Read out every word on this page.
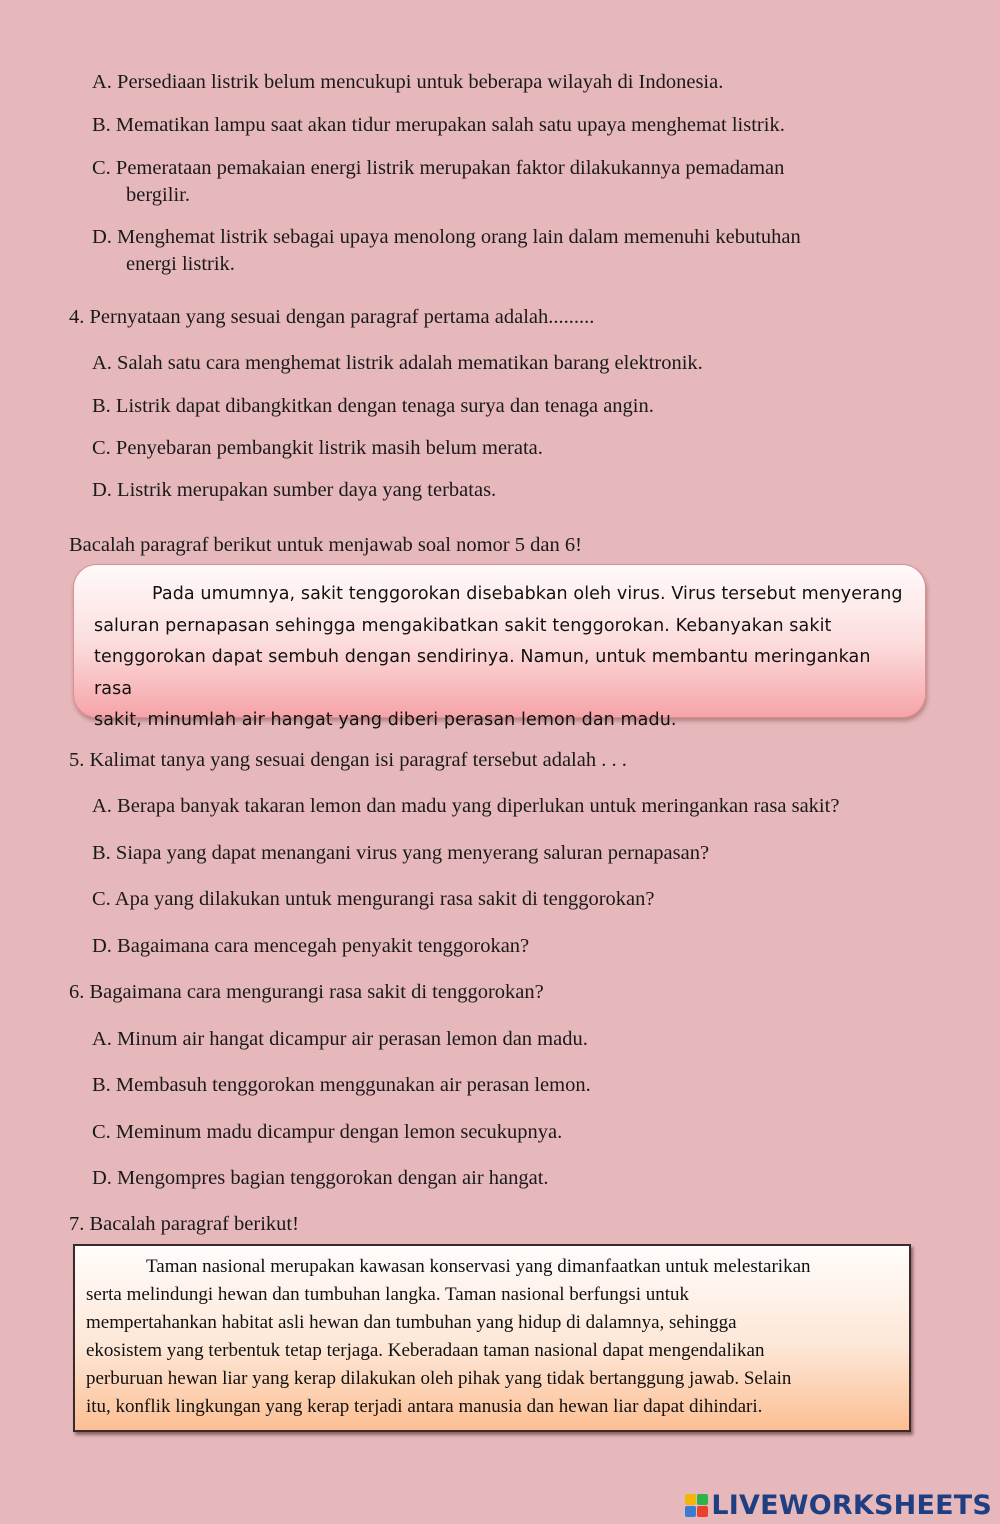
A. Persediaan listrik belum mencukupi untuk beberapa wilayah di Indonesia.
B. Mematikan lampu saat akan tidur merupakan salah satu upaya menghemat listrik.
C. Pemerataan pemakaian energi listrik merupakan faktor dilakukannya pemadaman
bergilir.
D. Menghemat listrik sebagai upaya menolong orang lain dalam memenuhi kebutuhan
energi listrik.
4. Pernyataan yang sesuai dengan paragraf pertama adalah.........
A. Salah satu cara menghemat listrik adalah mematikan barang elektronik.
B. Listrik dapat dibangkitkan dengan tenaga surya dan tenaga angin.
C. Penyebaran pembangkit listrik masih belum merata.
D. Listrik merupakan sumber daya yang terbatas.
Bacalah paragraf berikut untuk menjawab soal nomor 5 dan 6!

Pada umumnya, sakit tenggorokan disebabkan oleh virus. Virus tersebut menyerang

saluran pernapasan sehingga mengakibatkan sakit tenggorokan. Kebanyakan sakit

tenggorokan dapat sembuh dengan sendirinya. Namun, untuk membantu meringankan rasa

sakit, minumlah air hangat yang diberi perasan lemon dan madu.

5. Kalimat tanya yang sesuai dengan isi paragraf tersebut adalah . . .
A. Berapa banyak takaran lemon dan madu yang diperlukan untuk meringankan rasa sakit?
B. Siapa yang dapat menangani virus yang menyerang saluran pernapasan?
C. Apa yang dilakukan untuk mengurangi rasa sakit di tenggorokan?
D. Bagaimana cara mencegah penyakit tenggorokan?
6. Bagaimana cara mengurangi rasa sakit di tenggorokan?
A. Minum air hangat dicampur air perasan lemon dan madu.
B. Membasuh tenggorokan menggunakan air perasan lemon.
C. Meminum madu dicampur dengan lemon secukupnya.
D. Mengompres bagian tenggorokan dengan air hangat.
7. Bacalah paragraf berikut!

Taman nasional merupakan kawasan konservasi yang dimanfaatkan untuk melestarikan

serta melindungi hewan dan tumbuhan langka. Taman nasional berfungsi untuk

mempertahankan habitat asli hewan dan tumbuhan yang hidup di dalamnya, sehingga

ekosistem yang terbentuk tetap terjaga. Keberadaan taman nasional dapat mengendalikan

perburuan hewan liar yang kerap dilakukan oleh pihak yang tidak bertanggung jawab. Selain

itu, konflik lingkungan yang kerap terjadi antara manusia dan hewan liar dapat dihindari.

LIVEWORKSHEETS
